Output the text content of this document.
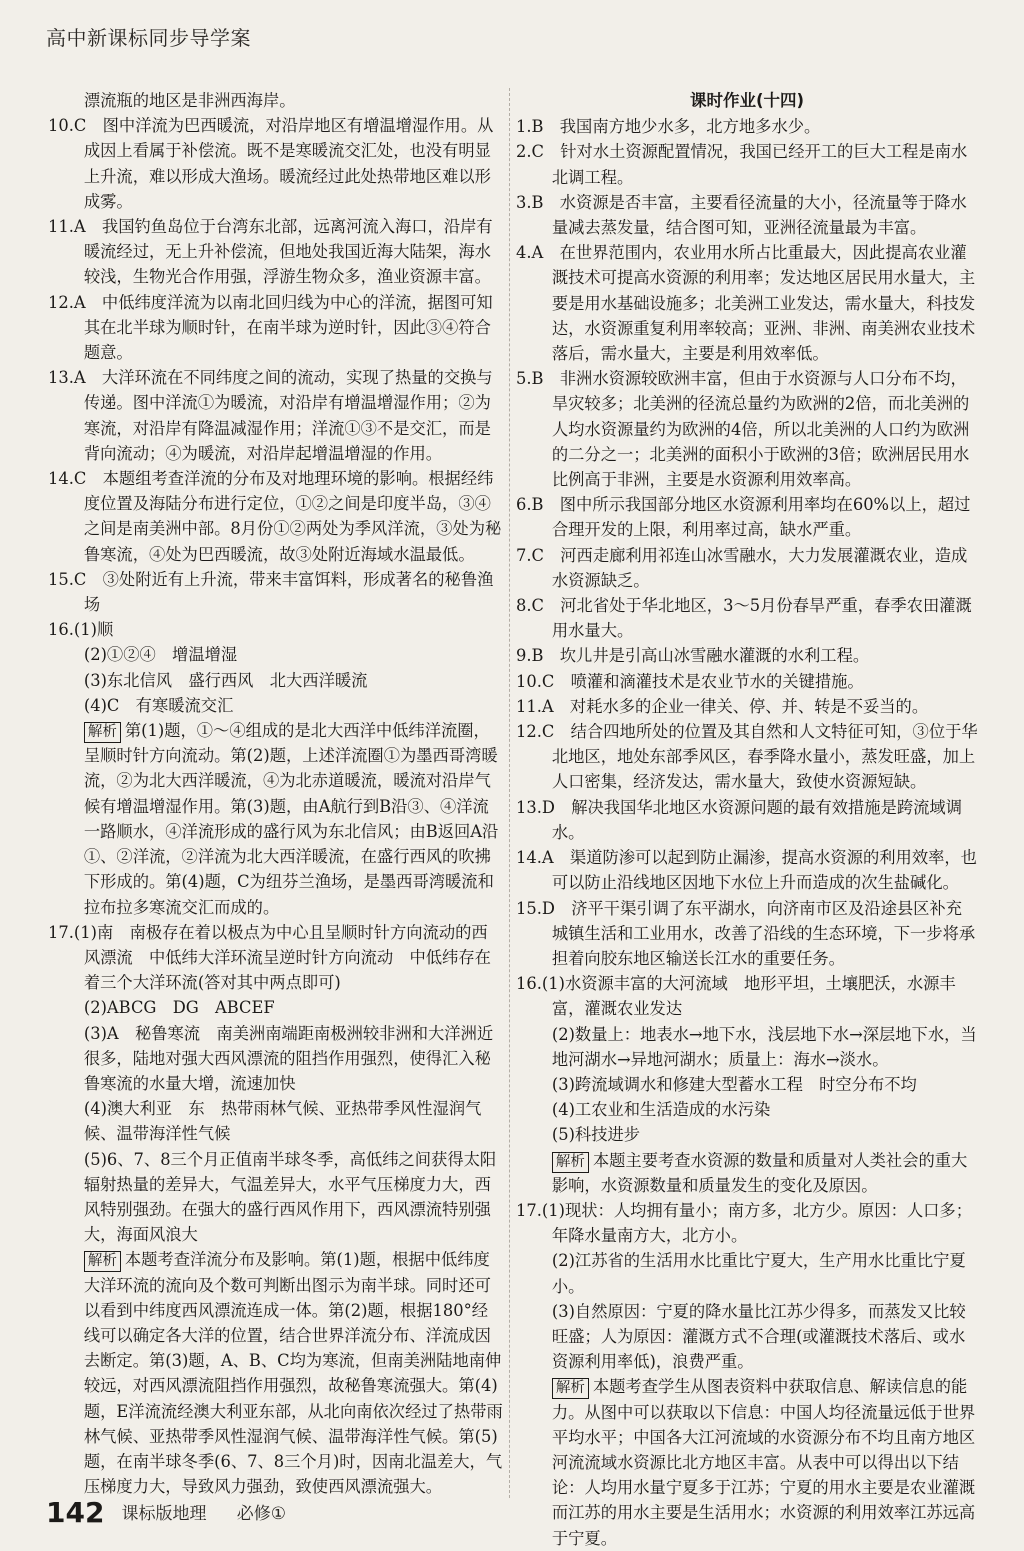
高中新课标同步导学案
漂流瓶的地区是非洲西海岸。
10.C　图中洋流为巴西暖流，对沿岸地区有增温增湿作用。从成因上看属于补偿流。既不是寒暖流交汇处，也没有明显上升流，难以形成大渔场。暖流经过此处热带地区难以形成雾。
11.A　我国钓鱼岛位于台湾东北部，远离河流入海口，沿岸有暖流经过，无上升补偿流，但地处我国近海大陆架，海水较浅，生物光合作用强，浮游生物众多，渔业资源丰富。
12.A　中低纬度洋流为以南北回归线为中心的洋流，据图可知其在北半球为顺时针，在南半球为逆时针，因此③④符合题意。
13.A　大洋环流在不同纬度之间的流动，实现了热量的交换与传递。图中洋流①为暖流，对沿岸有增温增湿作用；②为寒流，对沿岸有降温减湿作用；洋流①③不是交汇，而是背向流动；④为暖流，对沿岸起增温增湿的作用。
14.C　本题组考查洋流的分布及对地理环境的影响。根据经纬度位置及海陆分布进行定位，①②之间是印度半岛，③④之间是南美洲中部。8月份①②两处为季风洋流，③处为秘鲁寒流，④处为巴西暖流，故③处附近海域水温最低。
15.C　③处附近有上升流，带来丰富饵料，形成著名的秘鲁渔场
16.(1)顺
(2)①②④　增温增湿
(3)东北信风　盛行西风　北大西洋暖流
(4)C　有寒暖流交汇
解析 第(1)题，①～④组成的是北大西洋中低纬洋流圈，呈顺时针方向流动。第(2)题，上述洋流圈①为墨西哥湾暖流，②为北大西洋暖流，④为北赤道暖流，暖流对沿岸气候有增温增湿作用。第(3)题，由A航行到B沿③、④洋流一路顺水，④洋流形成的盛行风为东北信风；由B返回A沿①、②洋流，②洋流为北大西洋暖流，在盛行西风的吹拂下形成的。第(4)题，C为纽芬兰渔场，是墨西哥湾暖流和拉布拉多寒流交汇而成的。
17.(1)南　南极存在着以极点为中心且呈顺时针方向流动的西风漂流　中低纬大洋环流呈逆时针方向流动　中低纬存在着三个大洋环流(答对其中两点即可)
(2)ABCG　DG　ABCEF
(3)A　秘鲁寒流　南美洲南端距南极洲较非洲和大洋洲近很多，陆地对强大西风漂流的阻挡作用强烈，使得汇入秘鲁寒流的水量大增，流速加快
(4)澳大利亚　东　热带雨林气候、亚热带季风性湿润气候、温带海洋性气候
(5)6、7、8三个月正值南半球冬季，高低纬之间获得太阳辐射热量的差异大，气温差异大，水平气压梯度力大，西风特别强劲。在强大的盛行西风作用下，西风漂流特别强大，海面风浪大
解析 本题考查洋流分布及影响。第(1)题，根据中低纬度大洋环流的流向及个数可判断出图示为南半球。同时还可以看到中纬度西风漂流连成一体。第(2)题，根据180°经线可以确定各大洋的位置，结合世界洋流分布、洋流成因去断定。第(3)题，A、B、C均为寒流，但南美洲陆地南伸较远，对西风漂流阻挡作用强烈，故秘鲁寒流强大。第(4)题，E洋流流经澳大利亚东部，从北向南依次经过了热带雨林气候、亚热带季风性湿润气候、温带海洋性气候。第(5)题，在南半球冬季(6、7、8三个月)时，因南北温差大，气压梯度力大，导致风力强劲，致使西风漂流强大。
课时作业(十四)
1.B　我国南方地少水多，北方地多水少。
2.C　针对水土资源配置情况，我国已经开工的巨大工程是南水北调工程。
3.B　水资源是否丰富，主要看径流量的大小，径流量等于降水量减去蒸发量，结合图可知，亚洲径流量最为丰富。
4.A　在世界范围内，农业用水所占比重最大，因此提高农业灌溉技术可提高水资源的利用率；发达地区居民用水量大，主要是用水基础设施多；北美洲工业发达，需水量大，科技发达，水资源重复利用率较高；亚洲、非洲、南美洲农业技术落后，需水量大，主要是利用效率低。
5.B　非洲水资源较欧洲丰富，但由于水资源与人口分布不均，旱灾较多；北美洲的径流总量约为欧洲的2倍，而北美洲的人均水资源量约为欧洲的4倍，所以北美洲的人口约为欧洲的二分之一；北美洲的面积小于欧洲的3倍；欧洲居民用水比例高于非洲，主要是水资源利用效率高。
6.B　图中所示我国部分地区水资源利用率均在60%以上，超过合理开发的上限，利用率过高，缺水严重。
7.C　河西走廊利用祁连山冰雪融水，大力发展灌溉农业，造成水资源缺乏。
8.C　河北省处于华北地区，3～5月份春旱严重，春季农田灌溉用水量大。
9.B　坎儿井是引高山冰雪融水灌溉的水利工程。
10.C　喷灌和滴灌技术是农业节水的关键措施。
11.A　对耗水多的企业一律关、停、并、转是不妥当的。
12.C　结合四地所处的位置及其自然和人文特征可知，③位于华北地区，地处东部季风区，春季降水量小，蒸发旺盛，加上人口密集，经济发达，需水量大，致使水资源短缺。
13.D　解决我国华北地区水资源问题的最有效措施是跨流域调水。
14.A　渠道防渗可以起到防止漏渗，提高水资源的利用效率，也可以防止沿线地区因地下水位上升而造成的次生盐碱化。
15.D　济平干渠引调了东平湖水，向济南市区及沿途县区补充城镇生活和工业用水，改善了沿线的生态环境，下一步将承担着向胶东地区输送长江水的重要任务。
16.(1)水资源丰富的大河流域　地形平坦，土壤肥沃，水源丰富，灌溉农业发达
(2)数量上：地表水→地下水，浅层地下水→深层地下水，当地河湖水→异地河湖水；质量上：海水→淡水。
(3)跨流域调水和修建大型蓄水工程　时空分布不均
(4)工农业和生活造成的水污染
(5)科技进步
解析 本题主要考查水资源的数量和质量对人类社会的重大影响，水资源数量和质量发生的变化及原因。
17.(1)现状：人均拥有量小；南方多，北方少。原因：人口多；年降水量南方大，北方小。
(2)江苏省的生活用水比重比宁夏大，生产用水比重比宁夏小。
(3)自然原因：宁夏的降水量比江苏少得多，而蒸发又比较旺盛；人为原因：灌溉方式不合理(或灌溉技术落后、或水资源利用率低)，浪费严重。
解析 本题考查学生从图表资料中获取信息、解读信息的能力。从图中可以获取以下信息：中国人均径流量远低于世界平均水平；中国各大江河流域的水资源分布不均且南方地区河流流域水资源比北方地区丰富。从表中可以得出以下结论：人均用水量宁夏多于江苏；宁夏的用水主要是农业灌溉而江苏的用水主要是生活用水；水资源的利用效率江苏远高于宁夏。
142 课标版地理 必修①
